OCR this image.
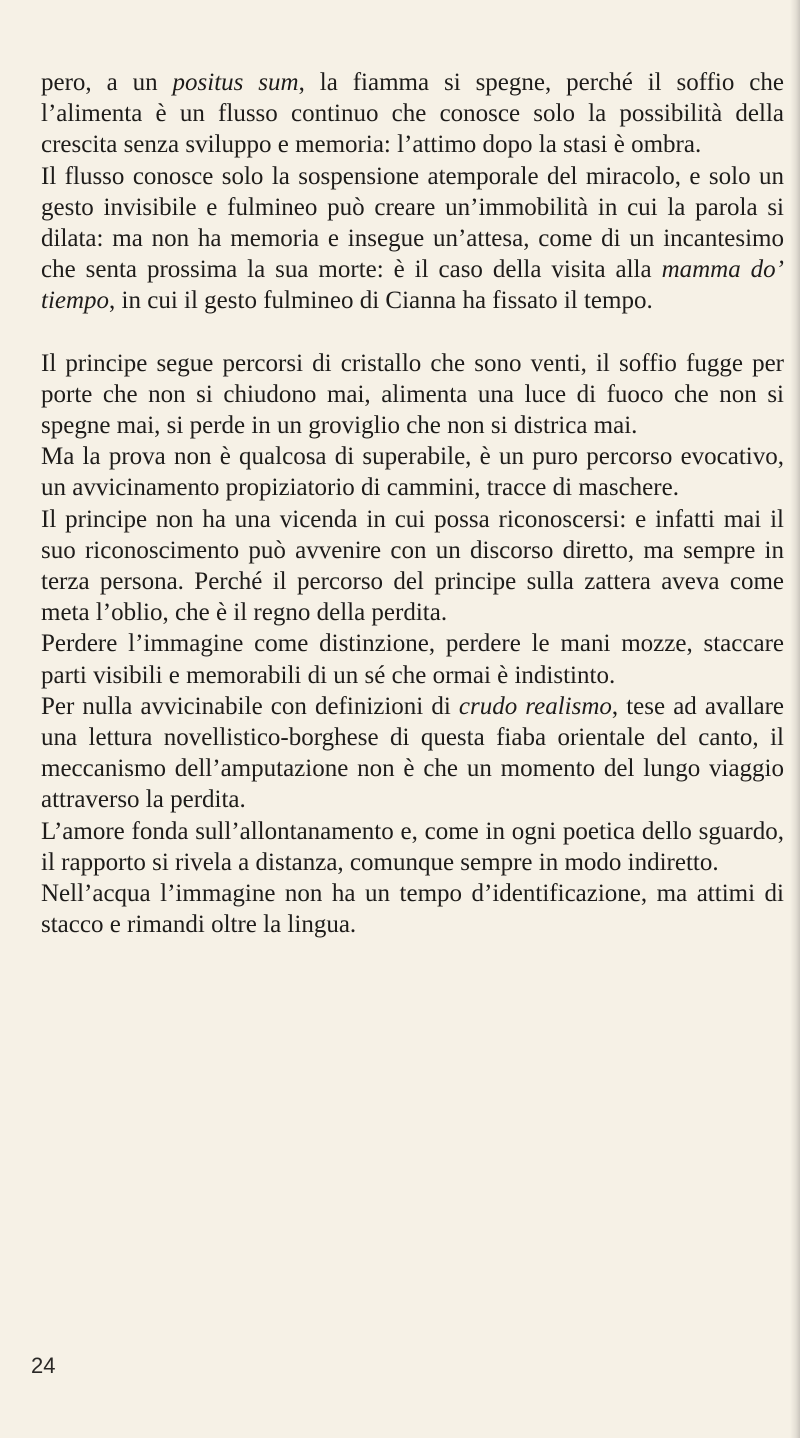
pero, a un positus sum, la fiamma si spegne, perché il soffio che l’alimenta è un flusso continuo che conosce solo la possibilità della crescita senza sviluppo e memoria: l’attimo dopo la stasi è ombra.

Il flusso conosce solo la sospensione atemporale del miracolo, e solo un gesto invisibile e fulmineo può creare un’immobilità in cui la parola si dilata: ma non ha memoria e insegue un’attesa, come di un incantesimo che senta prossima la sua morte: è il caso della visita alla mamma do’ tiempo, in cui il gesto fulmineo di Cianna ha fissato il tempo.

Il principe segue percorsi di cristallo che sono venti, il soffio fugge per porte che non si chiudono mai, alimenta una luce di fuoco che non si spegne mai, si perde in un groviglio che non si districa mai.

Ma la prova non è qualcosa di superabile, è un puro percorso evocativo, un avvicinamento propiziatorio di cammini, tracce di maschere.

Il principe non ha una vicenda in cui possa riconoscersi: e infatti mai il suo riconoscimento può avvenire con un discorso diretto, ma sempre in terza persona. Perché il percorso del principe sulla zattera aveva come meta l’oblio, che è il regno della perdita.

Perdere l’immagine come distinzione, perdere le mani mozze, staccare parti visibili e memorabili di un sé che ormai è indistinto.

Per nulla avvicinabile con definizioni di crudo realismo, tese ad avallare una lettura novellistico-borghese di questa fiaba orientale del canto, il meccanismo dell’amputazione non è che un momento del lungo viaggio attraverso la perdita.

L’amore fonda sull’allontanamento e, come in ogni poetica dello sguardo, il rapporto si rivela a distanza, comunque sempre in modo indiretto.

Nell’acqua l’immagine non ha un tempo d’identificazione, ma attimi di stacco e rimandi oltre la lingua.

24
